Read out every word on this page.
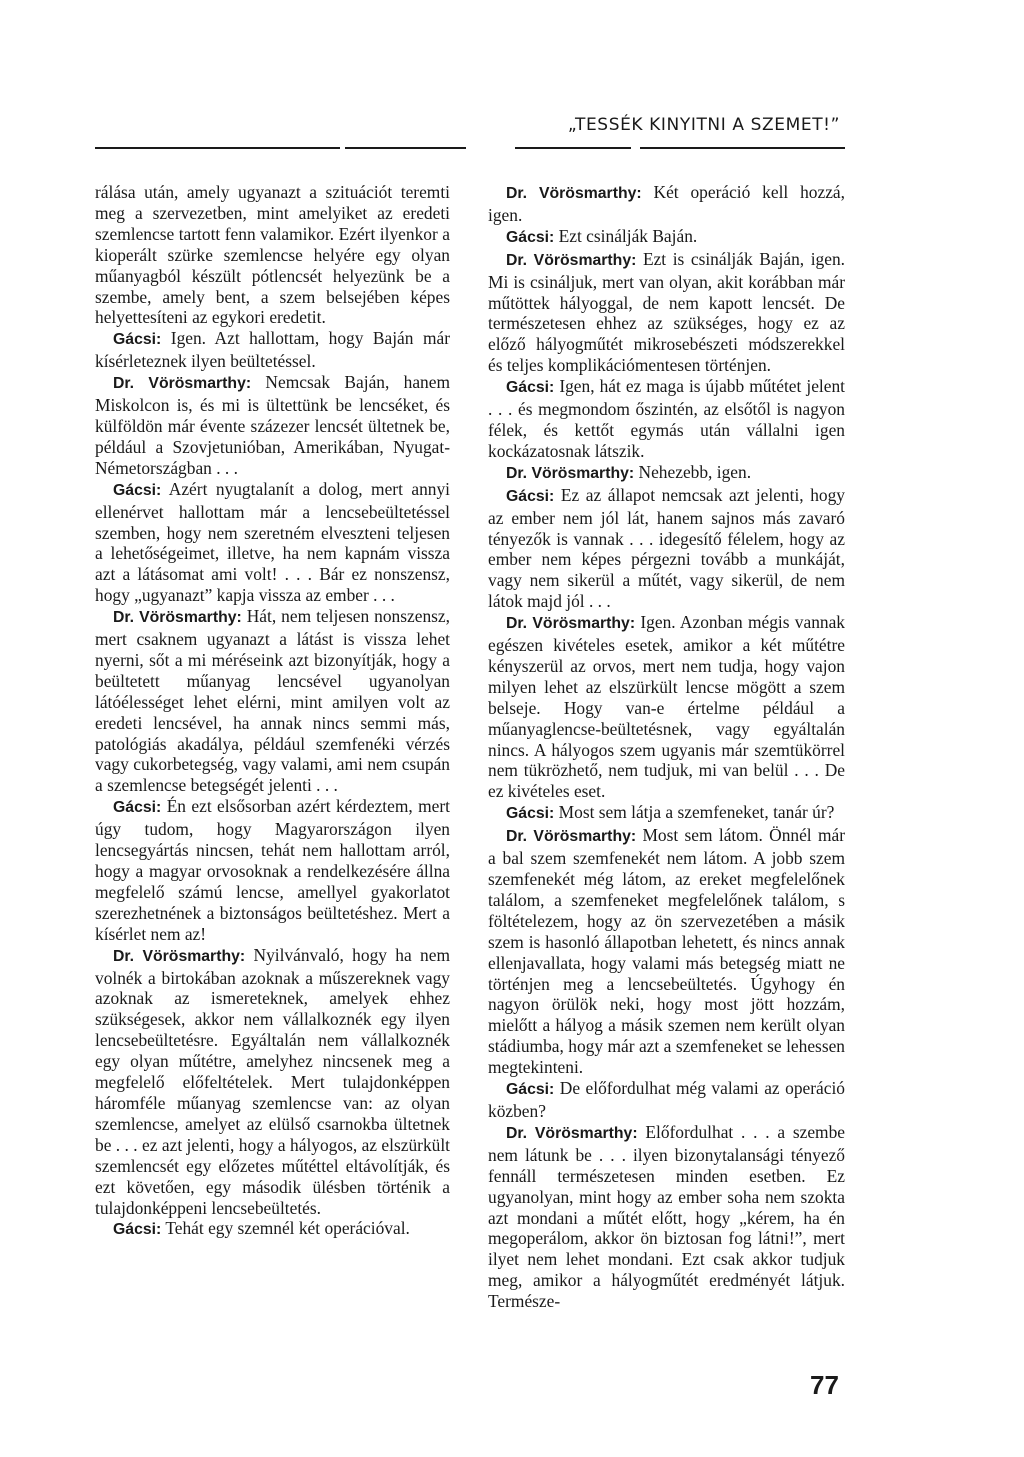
„TESSÉK KINYITNI A SZEMET!”

rálása után, amely ugyanazt a szituációt teremti meg a szervezetben, mint amelyiket az eredeti szemlencse tartott fenn valamikor. Ezért ilyenkor a kioperált szürke szemlencse helyére egy olyan műanyagból készült pótlencsét helyezünk be a szembe, amely bent, a szem belsejében képes helyettesíteni az egykori eredetit.

Gácsi: Igen. Azt hallottam, hogy Baján már kísérleteznek ilyen beültetéssel.

Dr. Vörösmarthy: Nemcsak Baján, hanem Miskolcon is, és mi is ültettünk be lencséket, és külföldön már évente százezer lencsét ültetnek be, például a Szovjetunióban, Amerikában, Nyugat-Németországban . . .

Gácsi: Azért nyugtalanít a dolog, mert annyi ellenérvet hallottam már a lencsebeültetéssel szemben, hogy nem szeretném elveszteni teljesen a lehetőségeimet, illetve, ha nem kapnám vissza azt a látásomat ami volt! . . . Bár ez nonszensz, hogy „ugyanazt” kapja vissza az ember . . .

Dr. Vörösmarthy: Hát, nem teljesen nonszensz, mert csaknem ugyanazt a látást is vissza lehet nyerni, sőt a mi méréseink azt bizonyítják, hogy a beültetett műanyag lencsével ugyanolyan látóélességet lehet elérni, mint amilyen volt az eredeti lencsével, ha annak nincs semmi más, patológiás akadálya, például szemfenéki vérzés vagy cukorbetegség, vagy valami, ami nem csupán a szemlencse betegségét jelenti . . .

Gácsi: Én ezt elsősorban azért kérdeztem, mert úgy tudom, hogy Magyarországon ilyen lencsegyártás nincsen, tehát nem hallottam arról, hogy a magyar orvosoknak a rendelkezésére állna megfelelő számú lencse, amellyel gyakorlatot szerezhetnének a biztonságos beültetéshez. Mert a kísérlet nem az!

Dr. Vörösmarthy: Nyilvánvaló, hogy ha nem volnék a birtokában azoknak a műszereknek vagy azoknak az ismereteknek, amelyek ehhez szükségesek, akkor nem vállalkoznék egy ilyen lencsebeültetésre. Egyáltalán nem vállalkoznék egy olyan műtétre, amelyhez nincsenek meg a megfelelő előfeltételek. Mert tulajdonképpen háromféle műanyag szemlencse van: az olyan szemlencse, amelyet az elülső csarnokba ültetnek be . . . ez azt jelenti, hogy a hályogos, az elszürkült szemlencsét egy előzetes műtéttel eltávolítják, és ezt követően, egy második ülésben történik a tulajdonképpeni lencsebeültetés.

Gácsi: Tehát egy szemnél két operációval.

Dr. Vörösmarthy: Két operáció kell hozzá, igen.

Gácsi: Ezt csinálják Baján.

Dr. Vörösmarthy: Ezt is csinálják Baján, igen. Mi is csináljuk, mert van olyan, akit korábban már műtöttek hályoggal, de nem kapott lencsét. De természetesen ehhez az szükséges, hogy ez az előző hályogműtét mikrosebészeti módszerekkel és teljes komplikációmentesen történjen.

Gácsi: Igen, hát ez maga is újabb műtétet jelent . . . és megmondom őszintén, az elsőtől is nagyon félek, és kettőt egymás után vállalni igen kockázatosnak látszik.

Dr. Vörösmarthy: Nehezebb, igen.

Gácsi: Ez az állapot nemcsak azt jelenti, hogy az ember nem jól lát, hanem sajnos más zavaró tényezők is vannak . . . idegesítő félelem, hogy az ember nem képes pérgezni tovább a munkáját, vagy nem sikerül a műtét, vagy sikerül, de nem látok majd jól . . .

Dr. Vörösmarthy: Igen. Azonban mégis vannak egészen kivételes esetek, amikor a két műtétre kényszerül az orvos, mert nem tudja, hogy vajon milyen lehet az elszürkült lencse mögött a szem belseje. Hogy van-e értelme például a műanyaglencse-beültetésnek, vagy egyáltalán nincs. A hályogos szem ugyanis már szemtükörrel nem tükrözhető, nem tudjuk, mi van belül . . . De ez kivételes eset.

Gácsi: Most sem látja a szemfeneket, tanár úr?

Dr. Vörösmarthy: Most sem látom. Önnél már a bal szem szemfenekét nem látom. A jobb szem szemfenekét még látom, az ereket megfelelőnek találom, a szemfeneket megfelelőnek találom, s föltételezem, hogy az ön szervezetében a másik szem is hasonló állapotban lehetett, és nincs annak ellenjavallata, hogy valami más betegség miatt ne történjen meg a lencsebeültetés. Úgyhogy én nagyon örülök neki, hogy most jött hozzám, mielőtt a hályog a másik szemen nem került olyan stádiumba, hogy már azt a szemfeneket se lehessen megtekinteni.

Gácsi: De előfordulhat még valami az operáció közben?

Dr. Vörösmarthy: Előfordulhat . . . a szembe nem látunk be . . . ilyen bizonytalansági tényező fennáll természetesen minden esetben. Ez ugyanolyan, mint hogy az ember soha nem szokta azt mondani a műtét előtt, hogy „kérem, ha én megoperálom, akkor ön biztosan fog látni!”, mert ilyet nem lehet mondani. Ezt csak akkor tudjuk meg, amikor a hályogműtét eredményét látjuk. Természe-

77
